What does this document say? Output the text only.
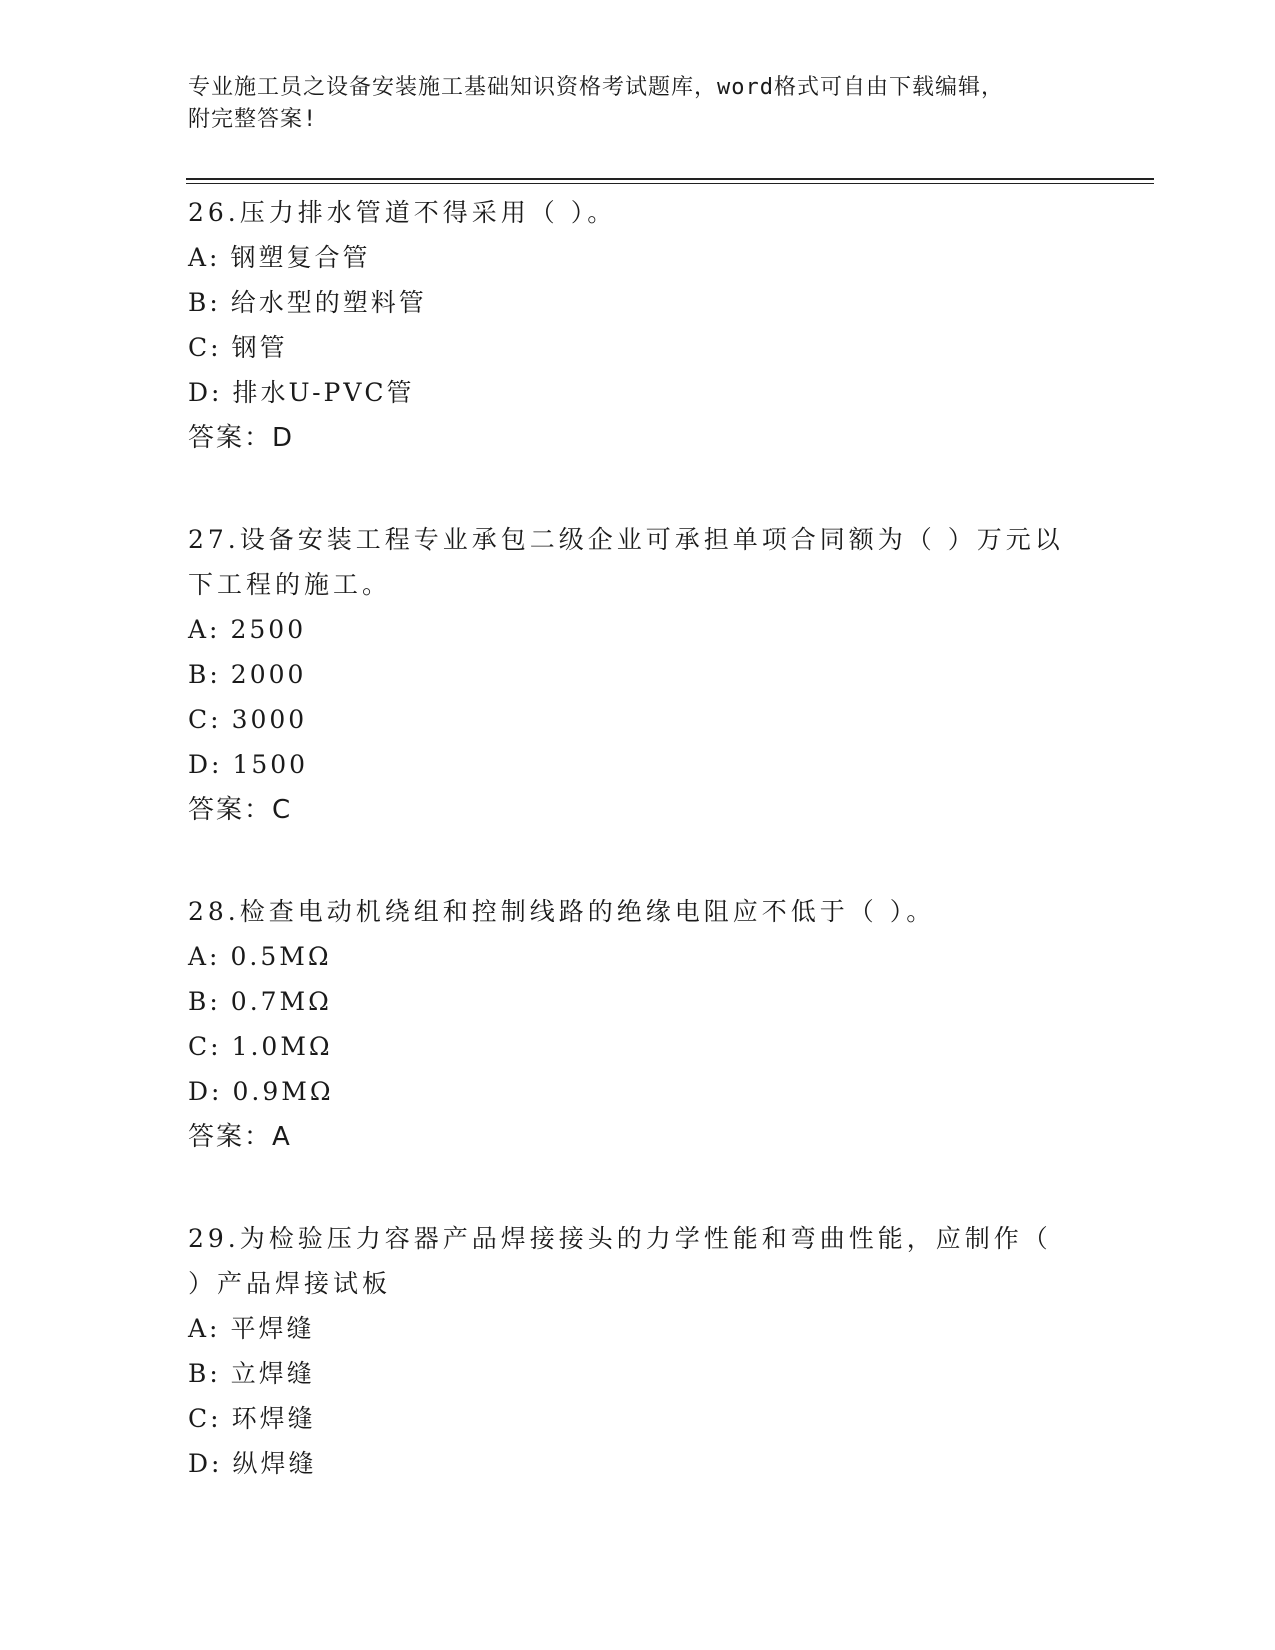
专业施工员之设备安装施工基础知识资格考试题库，word格式可自由下载编辑，
附完整答案!
26.压力排水管道不得采用（ ）。
A: 钢塑复合管
B: 给水型的塑料管
C: 钢管
D: 排水U-PVC管
答案：D
27.设备安装工程专业承包二级企业可承担单项合同额为（ ）万元以下工程的施工。
A: 2500
B: 2000
C: 3000
D: 1500
答案：C
28.检查电动机绕组和控制线路的绝缘电阻应不低于（ ）。
A: 0.5MΩ
B: 0.7MΩ
C: 1.0MΩ
D: 0.9MΩ
答案：A
29.为检验压力容器产品焊接接头的力学性能和弯曲性能，应制作（ ）产品焊接试板
A: 平焊缝
B: 立焊缝
C: 环焊缝
D: 纵焊缝
